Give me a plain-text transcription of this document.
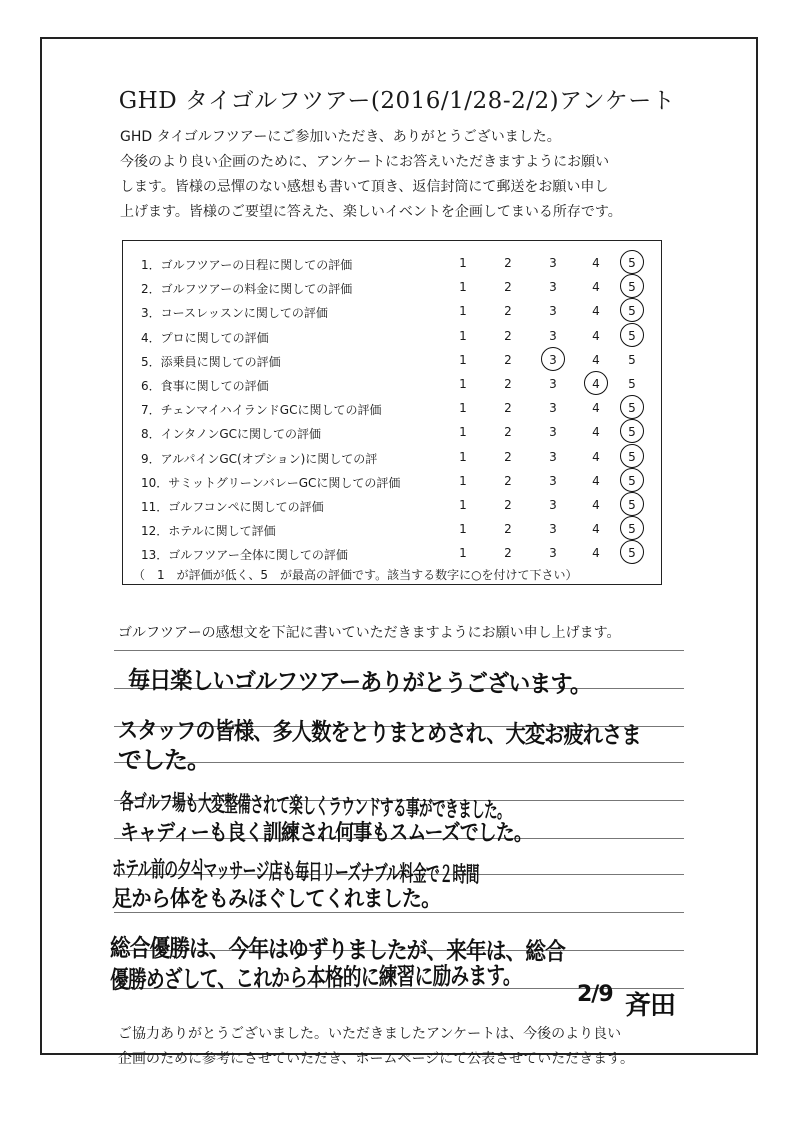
GHD タイゴルフツアー(2016/1/28-2/2)アンケート
GHD タイゴルフツアーにご参加いただき、ありがとうございました。
今後のより良い企画のために、アンケートにお答えいただきますようにお願い
します。皆様の忌憚のない感想も書いて頂き、返信封筒にて郵送をお願い申し
上げます。皆様のご要望に答えた、楽しいイベントを企画してまいる所存です。
（　1　が評価が低く、5　が最高の評価です。該当する数字に○を付けて下さい）
1．ゴルフツアーの日程に関しての評価	1	2	3	4	5
2．ゴルフツアーの料金に関しての評価	1	2	3	4	5
3．コースレッスンに関しての評価	1	2	3	4	5
4．プロに関しての評価	1	2	3	4	5
5．添乗員に関しての評価	1	2	3	4	5
6．食事に関しての評価	1	2	3	4	5
7．チェンマイハイランドGCに関しての評価	1	2	3	4	5
8．インタノンGCに関しての評価	1	2	3	4	5
9．アルパインGC(オプション)に関しての評	1	2	3	4	5
10．サミットグリーンバレーGCに関しての評価	1	2	3	4	5
11．ゴルフコンペに関しての評価	1	2	3	4	5
12．ホテルに関して評価	1	2	3	4	5
13．ゴルフツアー全体に関しての評価	1	2	3	4	5
ゴルフツアーの感想文を下記に書いていただきますようにお願い申し上げます。
毎日楽しいゴルフツアーありがとうございます。
スタッフの皆様、多人数をとりまとめされ、大変お疲れさま
でした。
各ゴルフ場も大変整備されて楽しくラウンドする事ができました。
キャディーも良く訓練され何事もスムーズでした。
ホテル前の夕식マッサージ店も毎日リーズナブル料金で２時間
足から体をもみほぐしてくれました。
総合優勝は、今年はゆずりましたが、来年は、総合
優勝めざして、これから本格的に練習に励みます。
2/9 斉田
ご協力ありがとうございました。いただきましたアンケートは、今後のより良い
企画のために参考にさせていただき、ホームページにて公表させていただきます。
